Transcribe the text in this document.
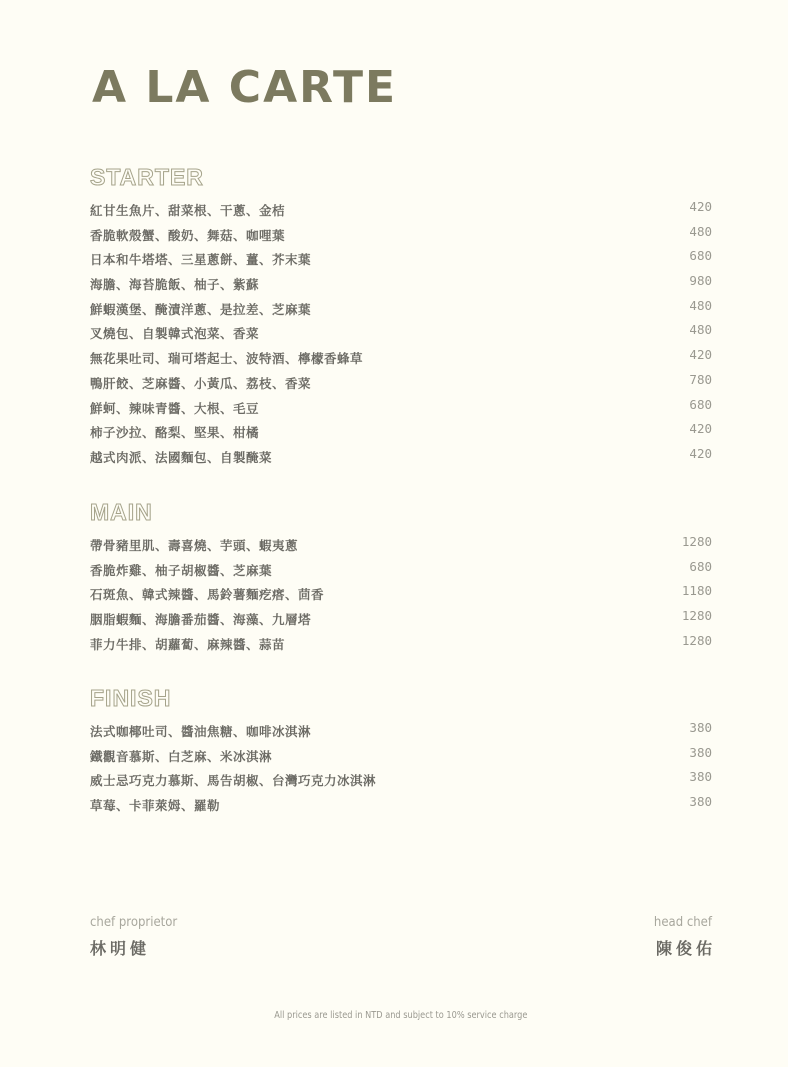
A LA CARTE
STARTER
紅甘生魚片、甜菜根、干蔥、金桔	420
香脆軟殼蟹、酸奶、舞菇、咖哩葉	480
日本和牛塔塔、三星蔥餅、薑、芥末葉	680
海膽、海苔脆飯、柚子、紫蘇	980
鮮蝦漢堡、醃漬洋蔥、是拉差、芝麻葉	480
叉燒包、自製韓式泡菜、香菜	480
無花果吐司、瑞可塔起士、波特酒、檸檬香蜂草	420
鴨肝餃、芝麻醬、小黃瓜、荔枝、香菜	780
鮮蚵、辣味青醬、大根、毛豆	680
柿子沙拉、酪梨、堅果、柑橘	420
越式肉派、法國麵包、自製醃菜	420
MAIN
帶骨豬里肌、壽喜燒、芋頭、蝦夷蔥	1280
香脆炸雞、柚子胡椒醬、芝麻葉	680
石斑魚、韓式辣醬、馬鈴薯麵疙瘩、茴香	1180
胭脂蝦麵、海膽番茄醬、海藻、九層塔	1280
菲力牛排、胡蘿蔔、麻辣醬、蒜苗	1280
FINISH
法式咖椰吐司、醬油焦糖、咖啡冰淇淋	380
鐵觀音慕斯、白芝麻、米冰淇淋	380
威士忌巧克力慕斯、馬告胡椒、台灣巧克力冰淇淋	380
草莓、卡菲萊姆、羅勒	380
chef proprietor
林明健
head chef
陳俊佑
All prices are listed in NTD and subject to 10% service charge
